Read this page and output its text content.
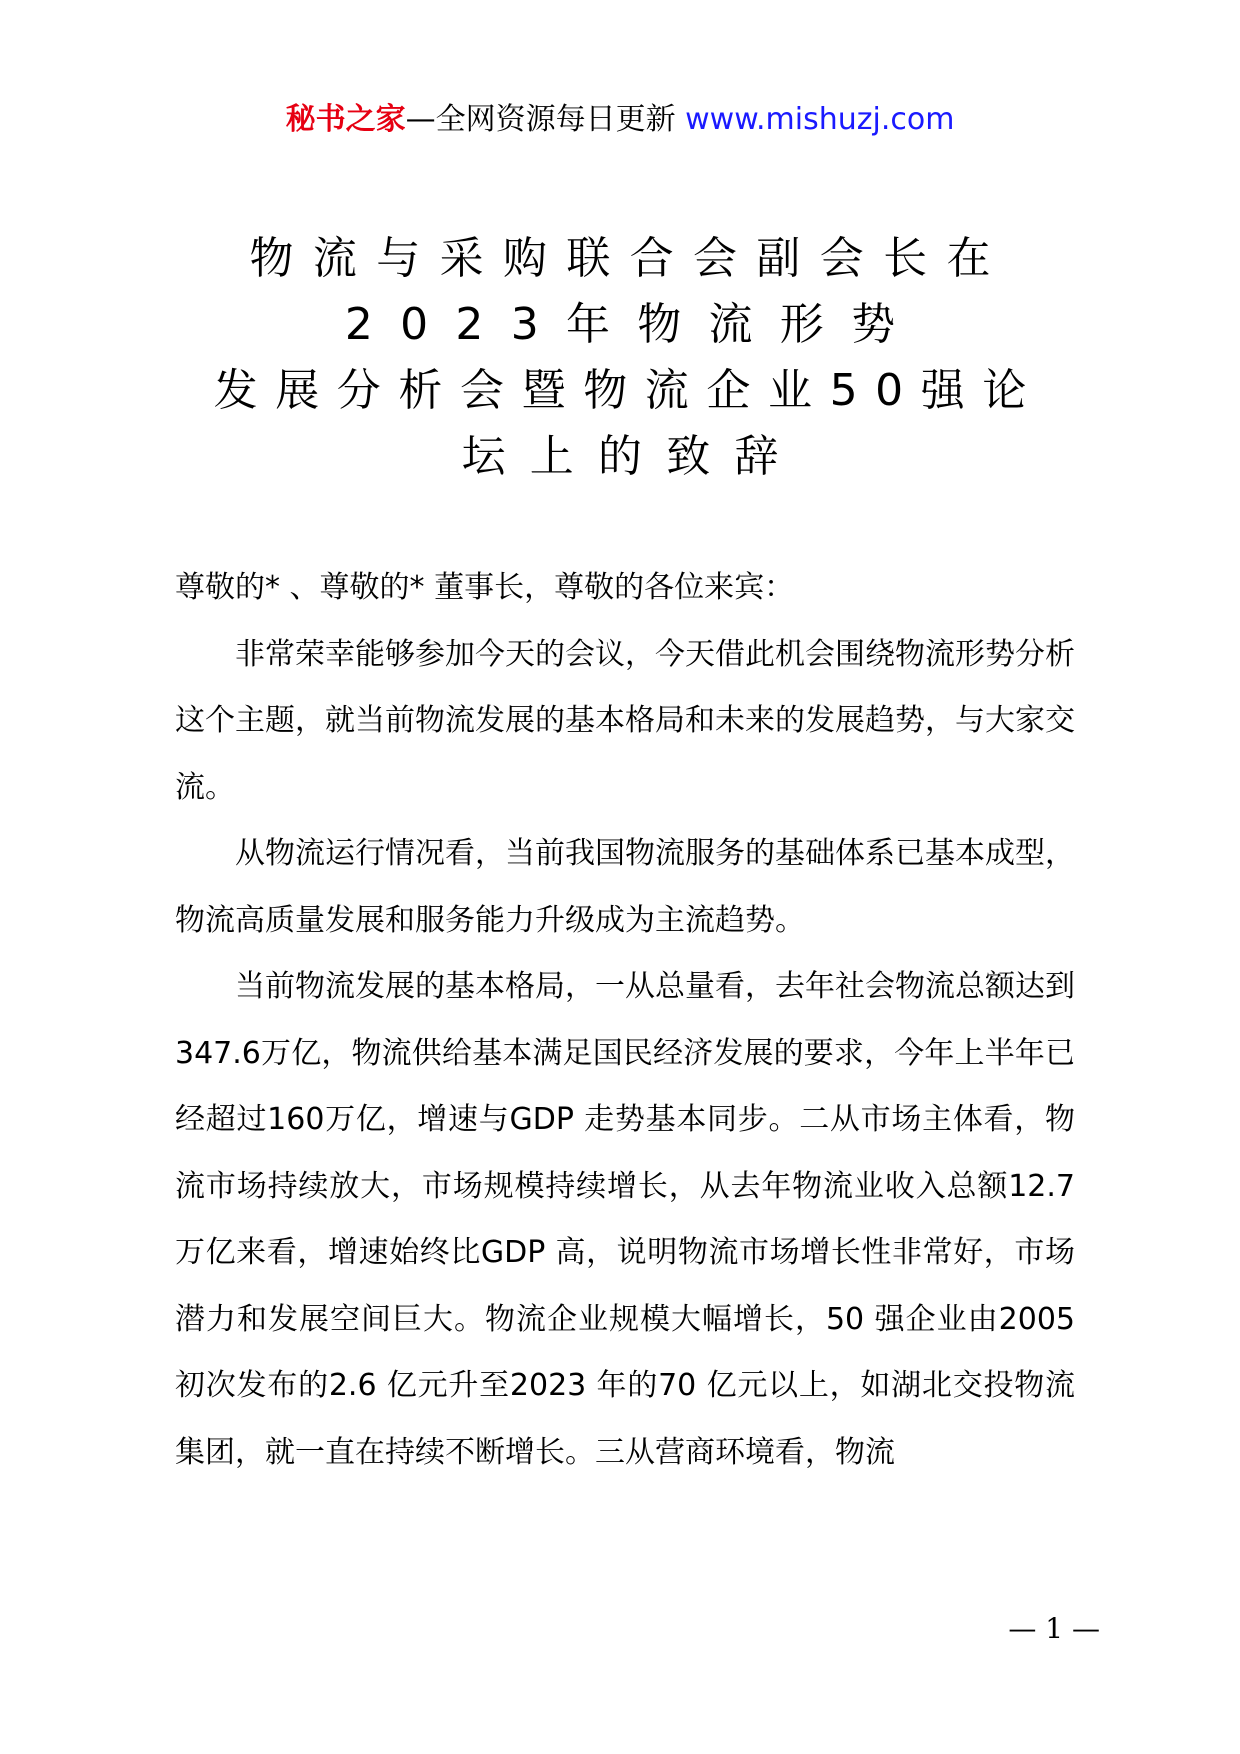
秘书之家—全网资源每日更新 www.mishuzj.com
物流与采购联合会副会长在
2023年物流形势
发展分析会暨物流企业50强论
坛上的致辞

尊敬的* 、尊敬的* 董事长，尊敬的各位来宾：

非常荣幸能够参加今天的会议，今天借此机会围绕物流形势分析这个主题，就当前物流发展的基本格局和未来的发展趋势，与大家交流。

从物流运行情况看，当前我国物流服务的基础体系已基本成型，物流高质量发展和服务能力升级成为主流趋势。

当前物流发展的基本格局，一从总量看，去年社会物流总额达到347.6万亿，物流供给基本满足国民经济发展的要求，今年上半年已经超过160万亿，增速与GDP 走势基本同步。二从市场主体看，物流市场持续放大，市场规模持续增长，从去年物流业收入总额12.7 万亿来看，增速始终比GDP 高，说明物流市场增长性非常好，市场潜力和发展空间巨大。物流企业规模大幅增长，50 强企业由2005 初次发布的2.6 亿元升至2023 年的70 亿元以上，如湖北交投物流集团，就一直在持续不断增长。三从营商环境看，物流

— 1 —
